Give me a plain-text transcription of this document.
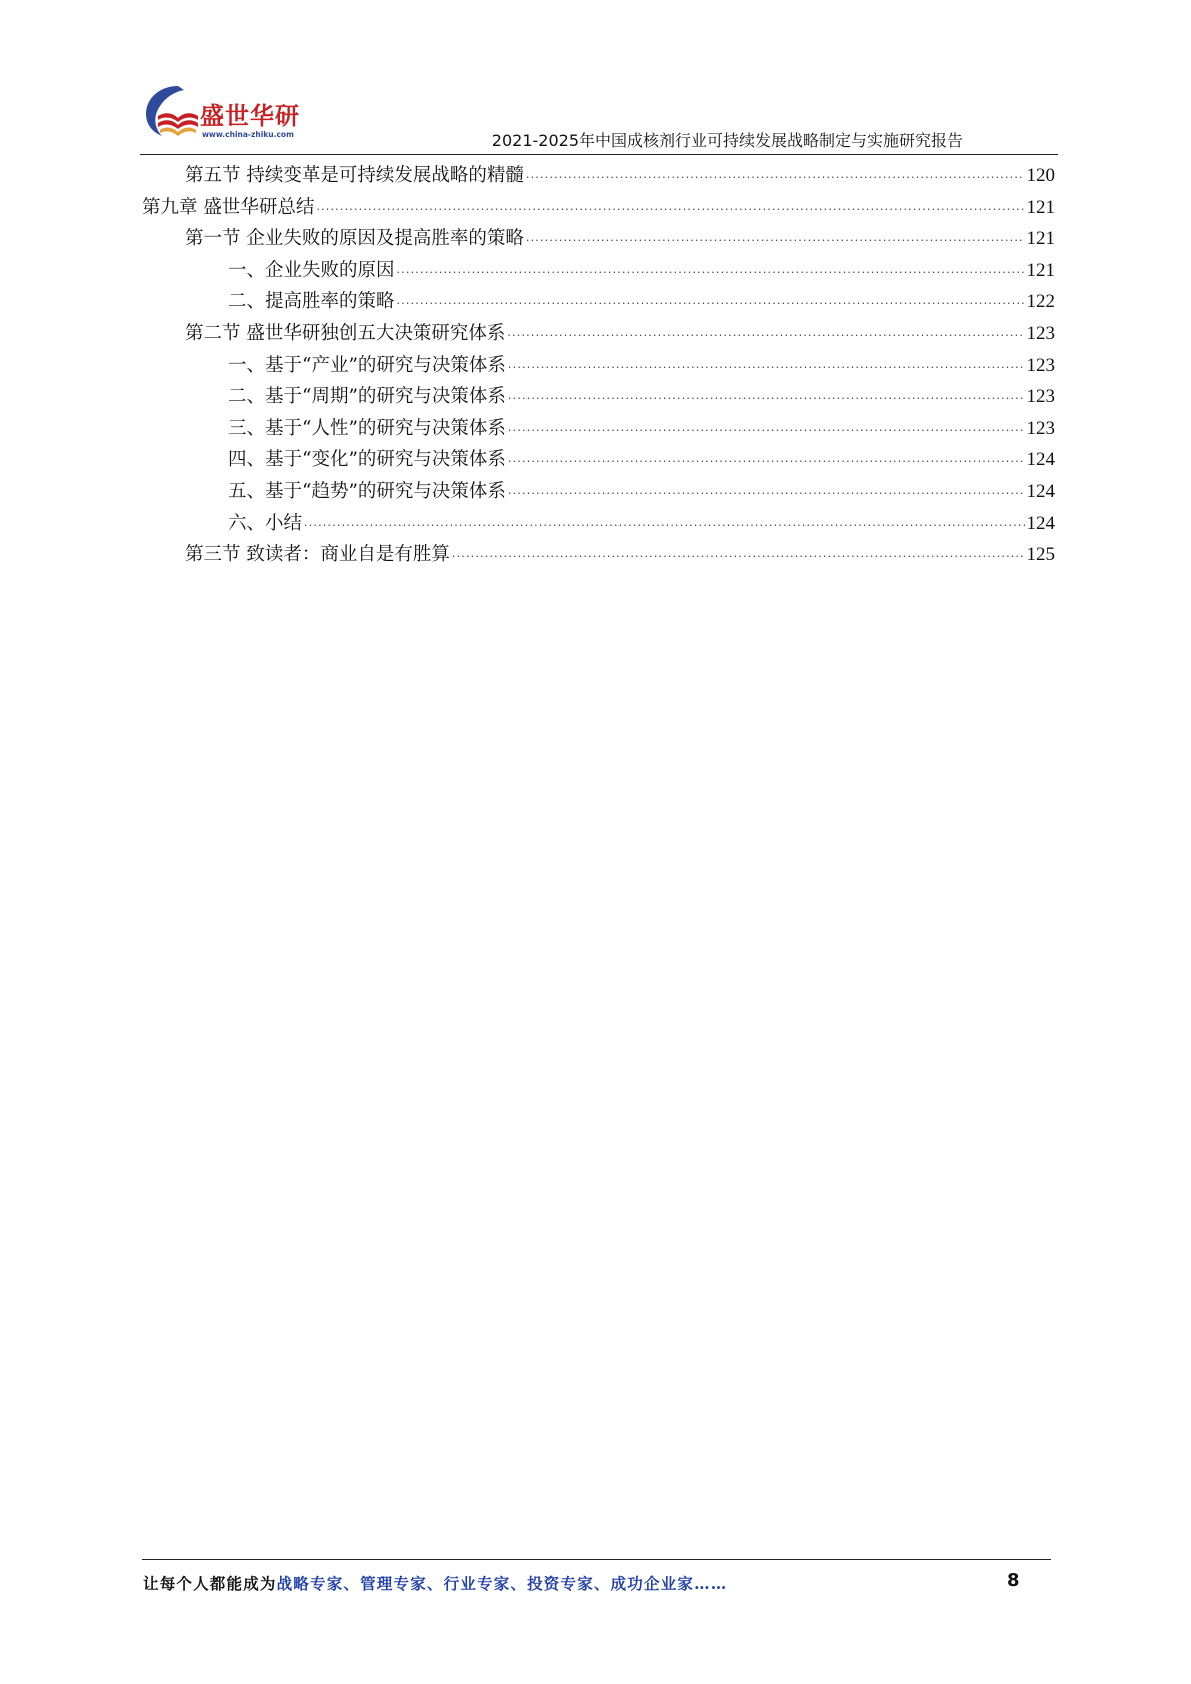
盛世华研
www.china-zhiku.com	2021-2025年中国成核剂行业可持续发展战略制定与实施研究报告
第五节 持续变革是可持续发展战略的精髓 .....	120
第九章 盛世华研总结 .....	121
第一节 企业失败的原因及提高胜率的策略 .....	121
一、企业失败的原因 .....	121
二、提高胜率的策略 .....	122
第二节 盛世华研独创五大决策研究体系 .....	123
一、基于“产业”的研究与决策体系 .....	123
二、基于“周期”的研究与决策体系 .....	123
三、基于“人性”的研究与决策体系 .....	123
四、基于“变化”的研究与决策体系 .....	124
五、基于“趋势”的研究与决策体系 .....	124
六、小结 .....	124
第三节 致读者：商业自是有胜算 .....	125
让每个人都能成为战略专家、管理专家、行业专家、投资专家、成功企业家……	8
